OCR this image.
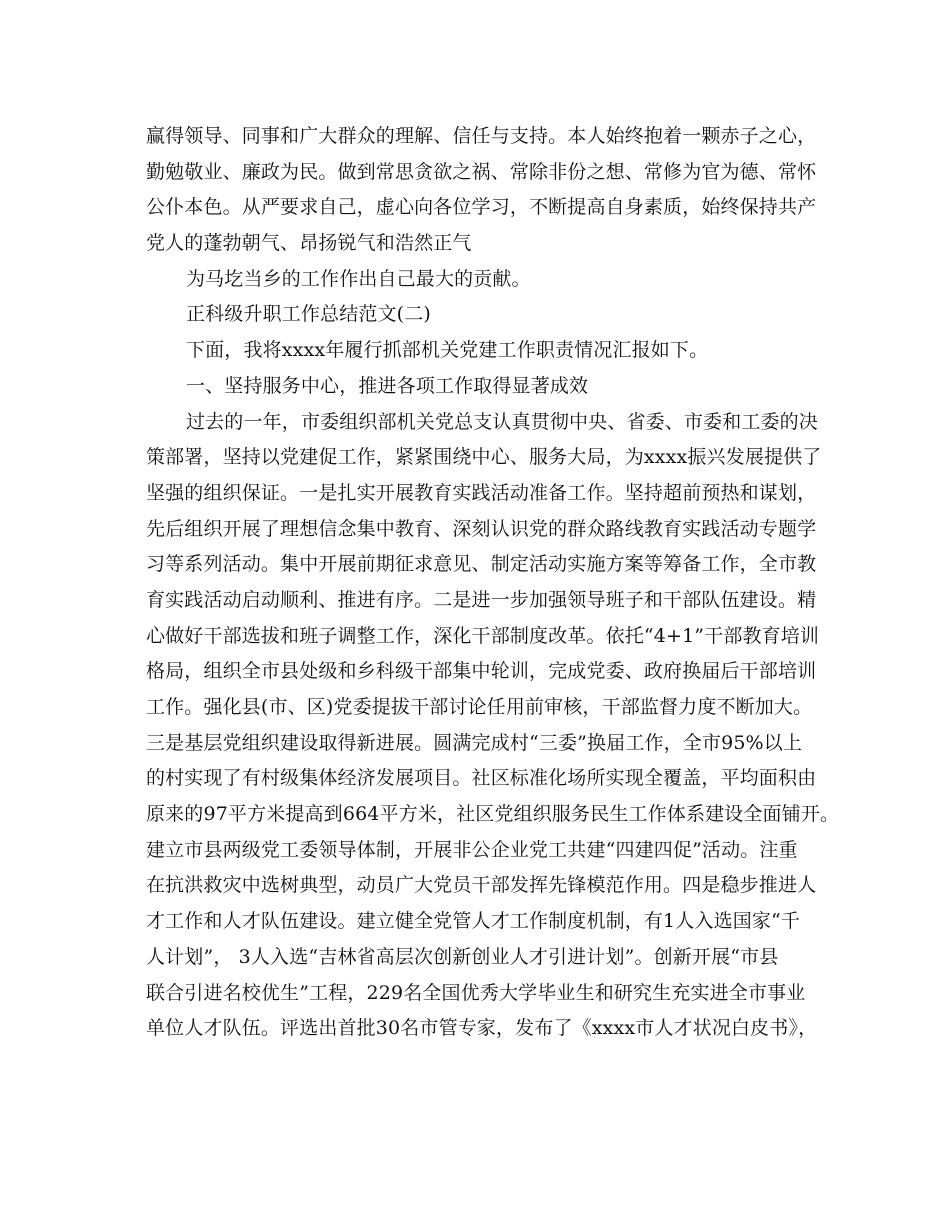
赢得领导、同事和广大群众的理解、信任与支持。本人始终抱着一颗赤子之心，
勤勉敬业、廉政为民。做到常思贪欲之祸、常除非份之想、常修为官为德、常怀
公仆本色。从严要求自己，虚心向各位学习，不断提高自身素质，始终保持共产
党人的蓬勃朝气、昂扬锐气和浩然正气
为马圪当乡的工作作出自己最大的贡献。
正科级升职工作总结范文(二)
下面，我将xxxx年履行抓部机关党建工作职责情况汇报如下。
一、坚持服务中心，推进各项工作取得显著成效
过去的一年，市委组织部机关党总支认真贯彻中央、省委、市委和工委的决
策部署，坚持以党建促工作，紧紧围绕中心、服务大局，为xxxx振兴发展提供了
坚强的组织保证。一是扎实开展教育实践活动准备工作。坚持超前预热和谋划，
先后组织开展了理想信念集中教育、深刻认识党的群众路线教育实践活动专题学
习等系列活动。集中开展前期征求意见、制定活动实施方案等筹备工作，全市教
育实践活动启动顺利、推进有序。二是进一步加强领导班子和干部队伍建设。精
心做好干部选拔和班子调整工作，深化干部制度改革。依托“4+1”干部教育培训
格局，组织全市县处级和乡科级干部集中轮训，完成党委、政府换届后干部培训
工作。强化县(市、区)党委提拔干部讨论任用前审核，干部监督力度不断加大。
三是基层党组织建设取得新进展。圆满完成村“三委”换届工作，全市95%以上
的村实现了有村级集体经济发展项目。社区标准化场所实现全覆盖，平均面积由
原来的97平方米提高到664平方米，社区党组织服务民生工作体系建设全面铺开。
建立市县两级党工委领导体制，开展非公企业党工共建“四建四促”活动。注重
在抗洪救灾中选树典型，动员广大党员干部发挥先锋模范作用。四是稳步推进人
才工作和人才队伍建设。建立健全党管人才工作制度机制，有1人入选国家“千
人计划”， 3人入选“吉林省高层次创新创业人才引进计划”。创新开展“市县
联合引进名校优生”工程，229名全国优秀大学毕业生和研究生充实进全市事业
单位人才队伍。评选出首批30名市管专家，发布了《xxxx市人才状况白皮书》，
